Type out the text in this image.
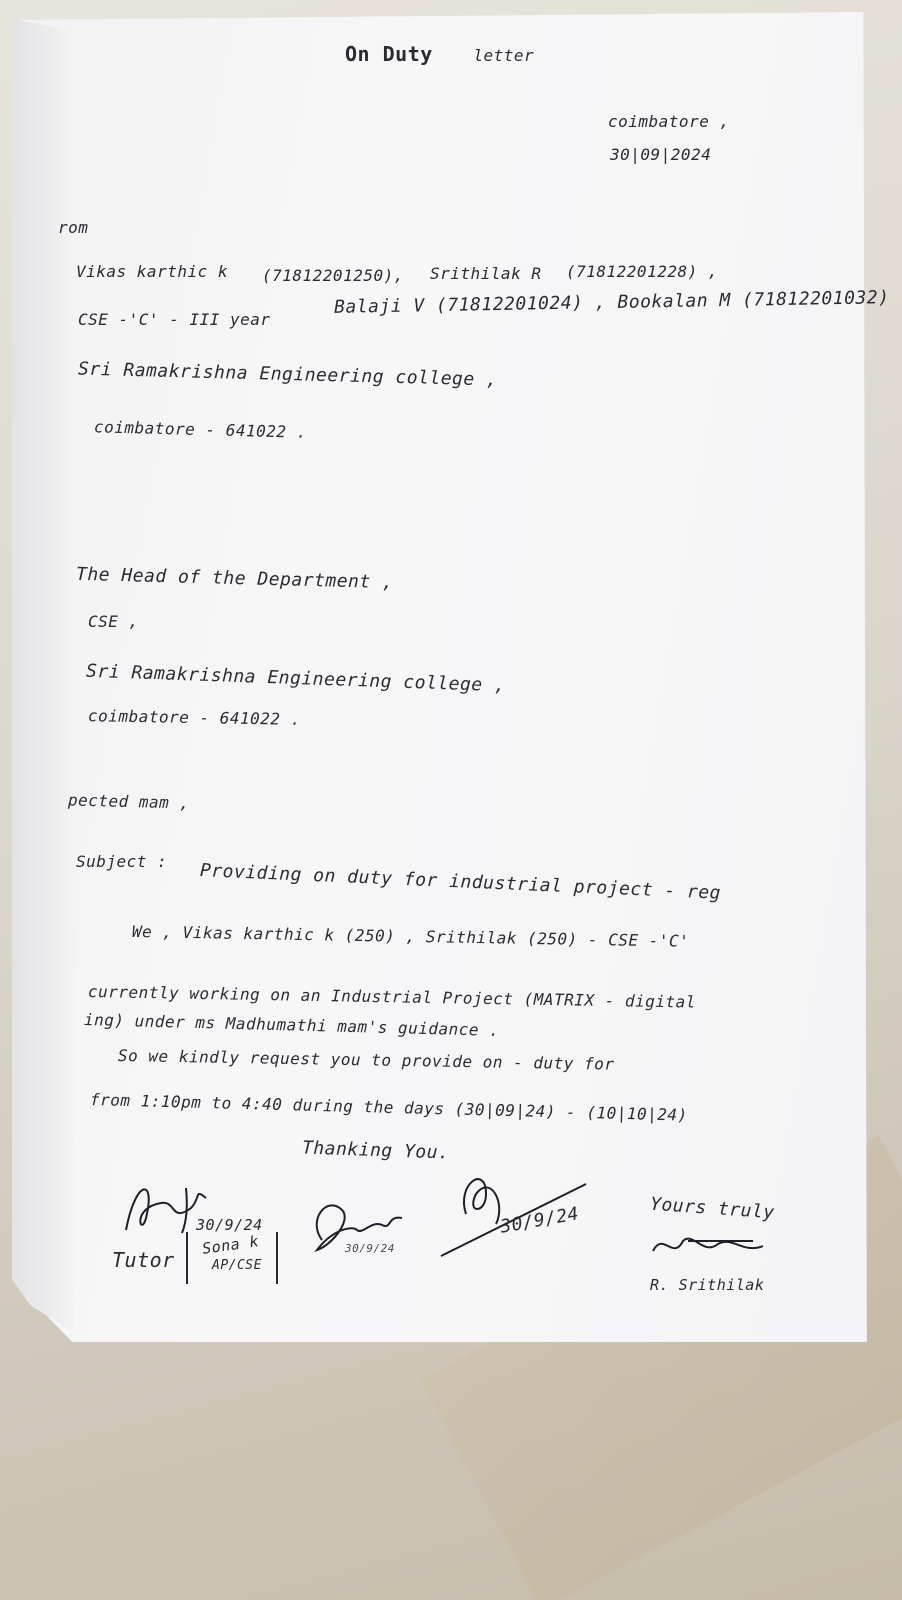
On Duty	letter
coimbatore ,
30|09|2024
rom
Vikas karthic k (71812201250), Srithilak R (71812201228) ,
Balaji V (71812201024) , Bookalan M (71812201032)
CSE -'C' - III year
Sri Ramakrishna Engineering college ,
coimbatore - 641022 .
The Head of the Department ,
CSE ,
Sri Ramakrishna Engineering college ,
coimbatore - 641022 .
pected mam ,
Subject : Providing on duty for industrial project - reg
We , Vikas karthic k (250) , Srithilak (250) - CSE -'C'
currently working on an Industrial Project (MATRIX - digital
ing) under ms Madhumathi mam's guidance .
So we kindly request you to provide on - duty for
from 1:10pm to 4:40 during the days (30|09|24) - (10|10|24)
Thanking You.
30/9/24
Tutor
Sona k
AP/CSE
30/9/24
30/9/24	Yours truly
R. Srithilak
